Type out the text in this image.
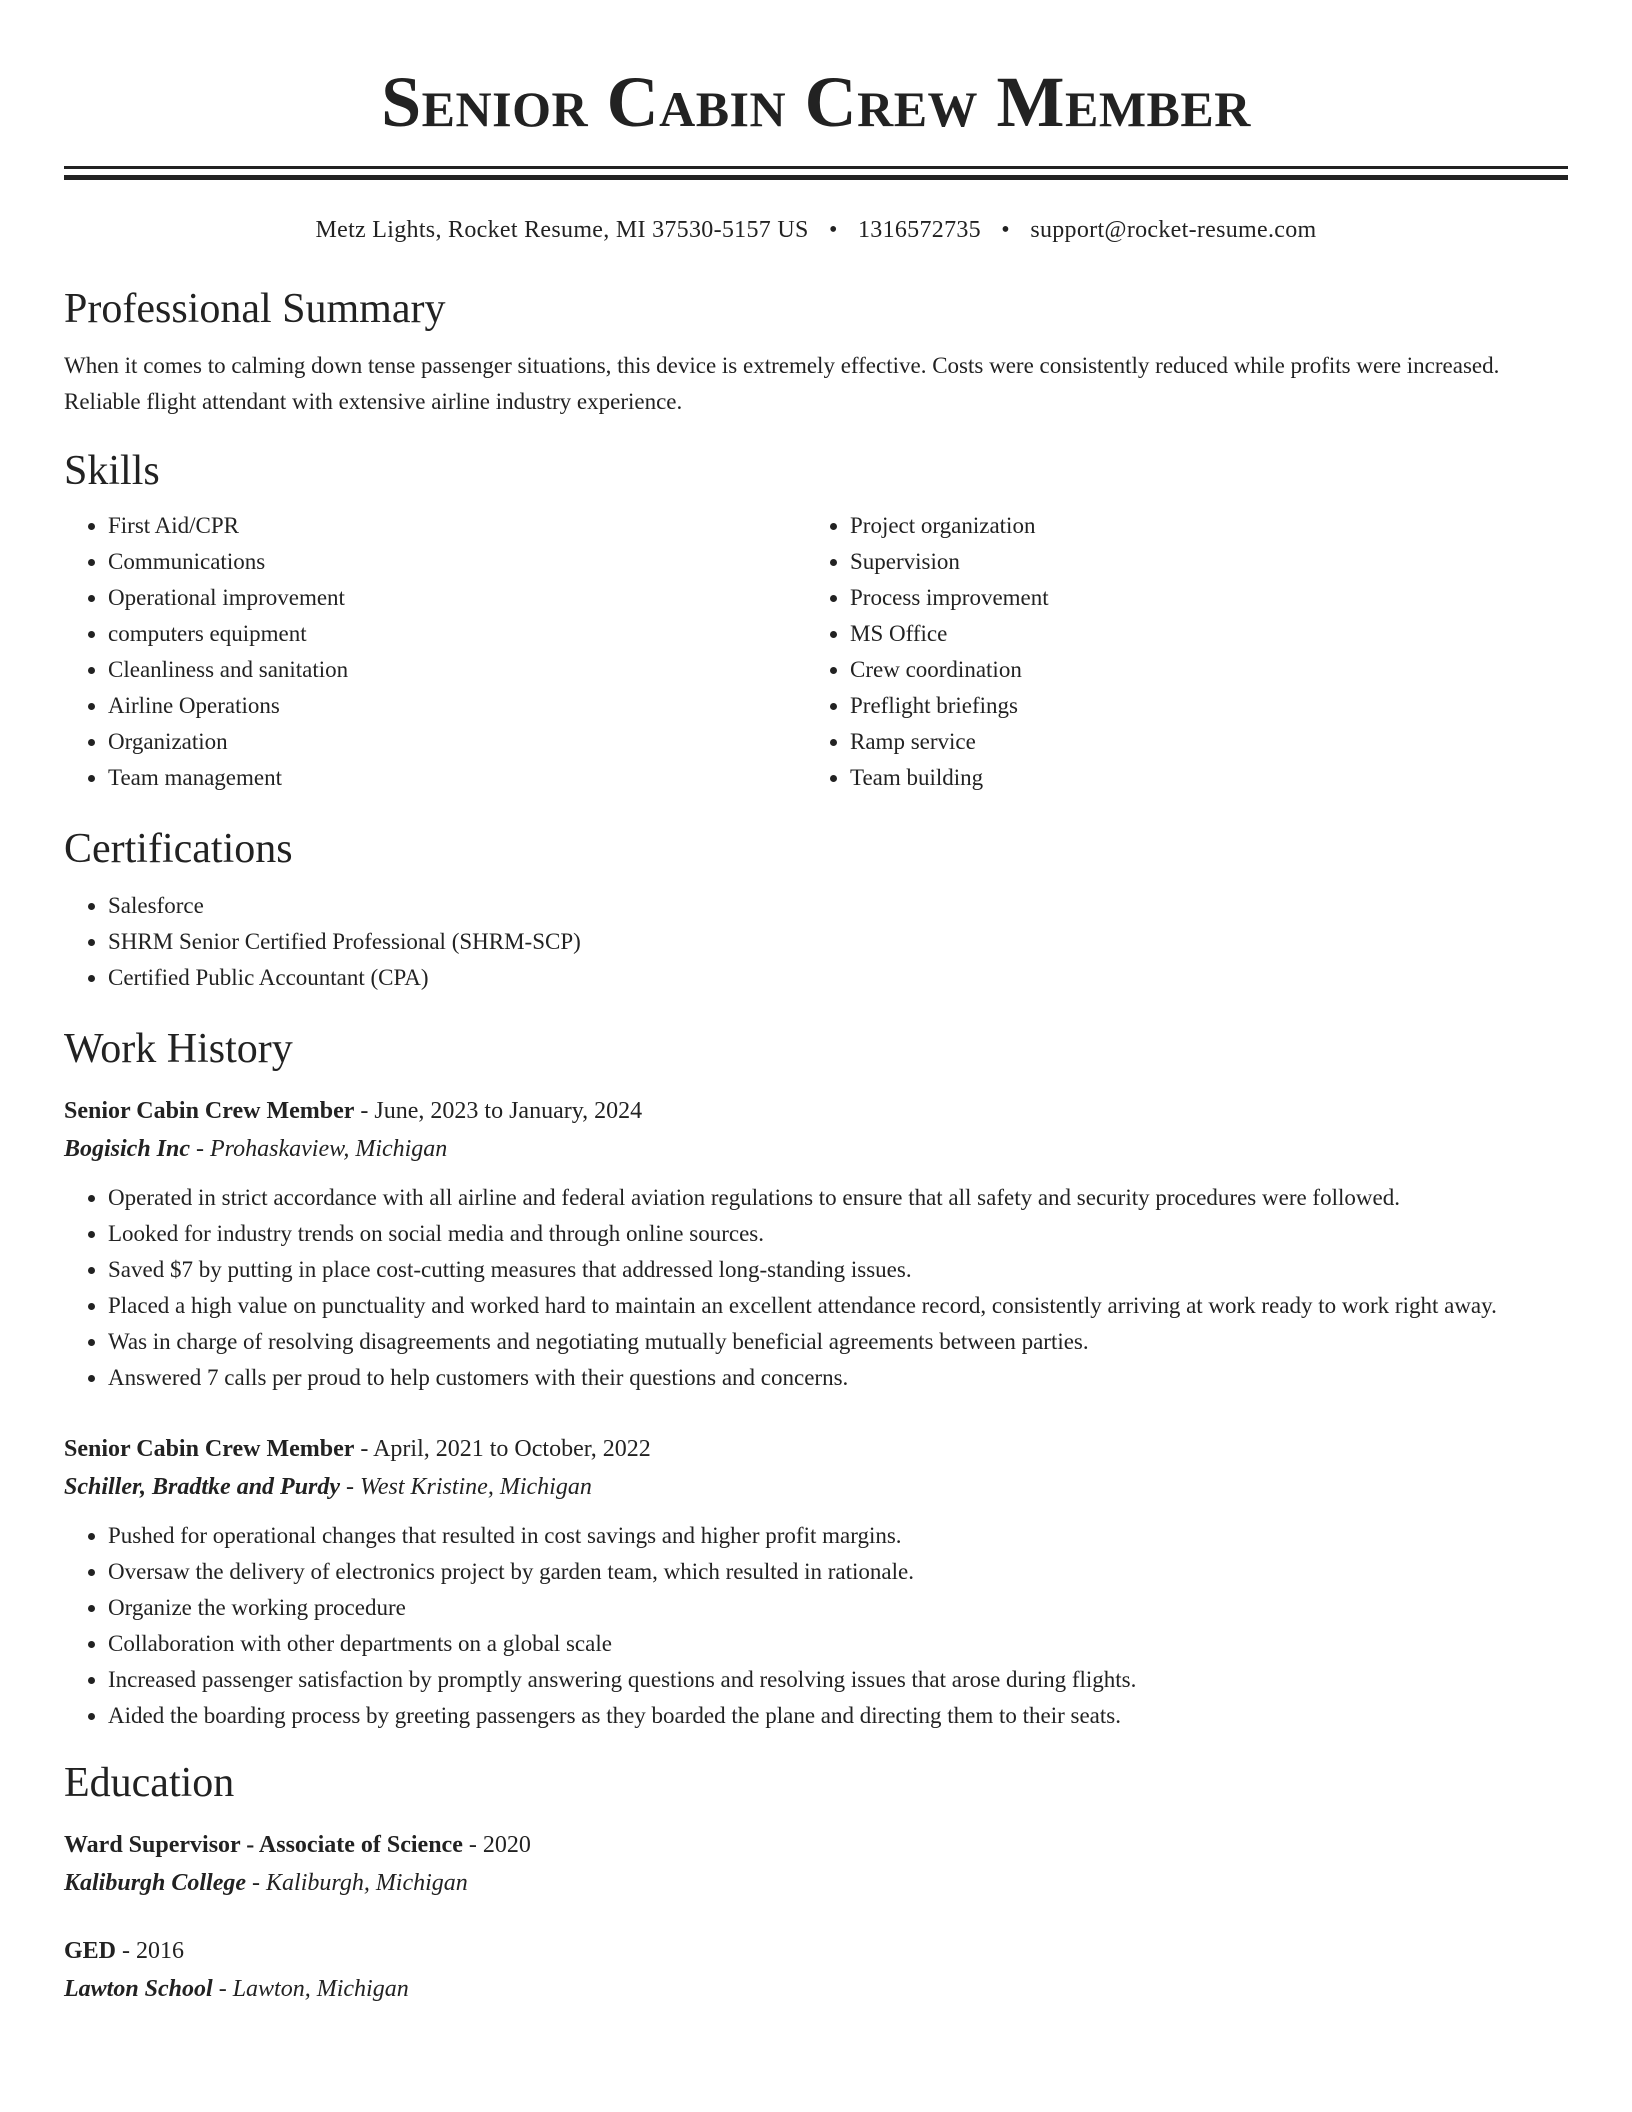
Senior Cabin Crew Member
Metz Lights, Rocket Resume, MI 37530-5157 US • 1316572735 • support@rocket-resume.com
Professional Summary

When it comes to calming down tense passenger situations, this device is extremely effective. Costs were consistently reduced while profits were increased. Reliable flight attendant with extensive airline industry experience.

Skills
• First Aid/CPR
• Communications
• Operational improvement
• computers equipment
• Cleanliness and sanitation
• Airline Operations
• Organization
• Team management
• Project organization
• Supervision
• Process improvement
• MS Office
• Crew coordination
• Preflight briefings
• Ramp service
• Team building
Certifications
• Salesforce
• SHRM Senior Certified Professional (SHRM-SCP)
• Certified Public Accountant (CPA)
Work History
Senior Cabin Crew Member - June, 2023 to January, 2024
Bogisich Inc - Prohaskaview, Michigan
• Operated in strict accordance with all airline and federal aviation regulations to ensure that all safety and security procedures were followed.
• Looked for industry trends on social media and through online sources.
• Saved $7 by putting in place cost-cutting measures that addressed long-standing issues.
• Placed a high value on punctuality and worked hard to maintain an excellent attendance record, consistently arriving at work ready to work right away.
• Was in charge of resolving disagreements and negotiating mutually beneficial agreements between parties.
• Answered 7 calls per proud to help customers with their questions and concerns.
Senior Cabin Crew Member - April, 2021 to October, 2022
Schiller, Bradtke and Purdy - West Kristine, Michigan
• Pushed for operational changes that resulted in cost savings and higher profit margins.
• Oversaw the delivery of electronics project by garden team, which resulted in rationale.
• Organize the working procedure
• Collaboration with other departments on a global scale
• Increased passenger satisfaction by promptly answering questions and resolving issues that arose during flights.
• Aided the boarding process by greeting passengers as they boarded the plane and directing them to their seats.
Education
Ward Supervisor - Associate of Science - 2020
Kaliburgh College - Kaliburgh, Michigan
GED - 2016
Lawton School - Lawton, Michigan
